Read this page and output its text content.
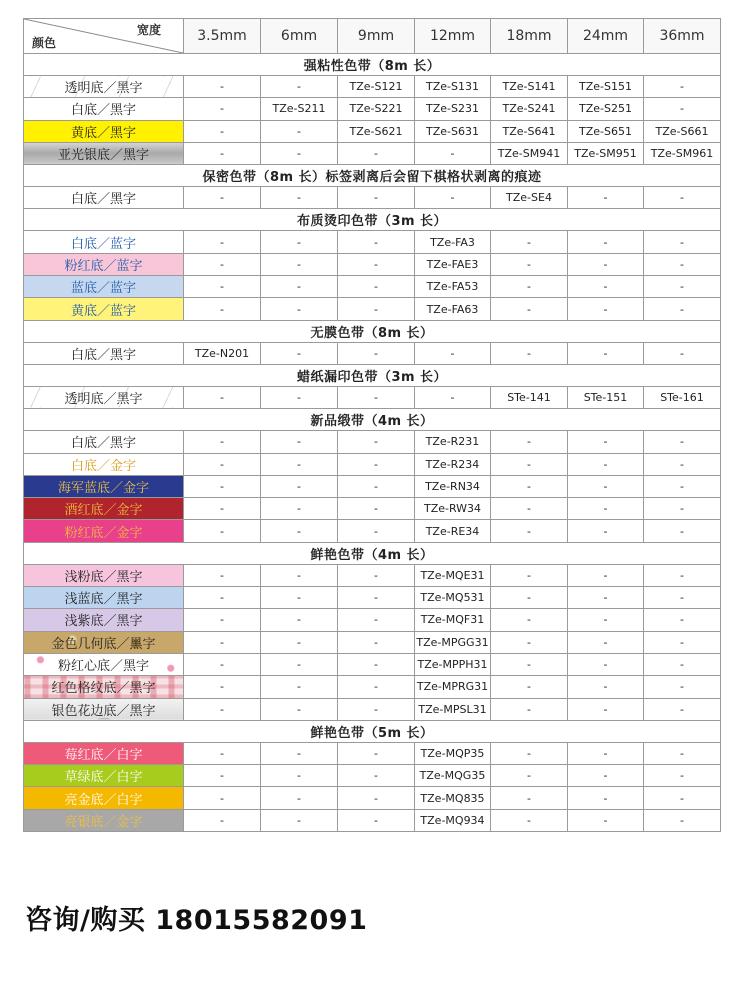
宽度
颜色	3.5mm	6mm	9mm	12mm	18mm	24mm	36mm
强粘性色带（8m 长）							
透明底／黑字	-	-	TZe-S121	TZe-S131	TZe-S141	TZe-S151	-
白底／黑字	-	TZe-S211	TZe-S221	TZe-S231	TZe-S241	TZe-S251	-
黄底／黑字	-	-	TZe-S621	TZe-S631	TZe-S641	TZe-S651	TZe-S661
亚光银底／黑字	-	-	-	-	TZe-SM941	TZe-SM951	TZe-SM961
保密色带（8m 长）标签剥离后会留下棋格状剥离的痕迹							
白底／黑字	-	-	-	-	TZe-SE4	-	-
布质烫印色带（3m 长）							
白底／蓝字	-	-	-	TZe-FA3	-	-	-
粉红底／蓝字	-	-	-	TZe-FAE3	-	-	-
蓝底／蓝字	-	-	-	TZe-FA53	-	-	-
黄底／蓝字	-	-	-	TZe-FA63	-	-	-
无膜色带（8m 长）							
白底／黑字	TZe-N201	-	-	-	-	-	-
蜡纸漏印色带（3m 长）							
透明底／黑字	-	-	-	-	STe-141	STe-151	STe-161
新品缎带（4m 长）							
白底／黑字	-	-	-	TZe-R231	-	-	-
白底／金字	-	-	-	TZe-R234	-	-	-
海军蓝底／金字	-	-	-	TZe-RN34	-	-	-
酒红底／金字	-	-	-	TZe-RW34	-	-	-
粉红底／金字	-	-	-	TZe-RE34	-	-	-
鲜艳色带（4m 长）							
浅粉底／黑字	-	-	-	TZe-MQE31	-	-	-
浅蓝底／黑字	-	-	-	TZe-MQ531	-	-	-
浅紫底／黑字	-	-	-	TZe-MQF31	-	-	-
金色几何底／黑字	-	-	-	TZe-MPGG31	-	-	-
粉红心底／黑字	-	-	-	TZe-MPPH31	-	-	-
红色格纹底／黑字	-	-	-	TZe-MPRG31	-	-	-
银色花边底／黑字	-	-	-	TZe-MPSL31	-	-	-
鲜艳色带（5m 长）							
莓红底／白字	-	-	-	TZe-MQP35	-	-	-
草绿底／白字	-	-	-	TZe-MQG35	-	-	-
亮金底／白字	-	-	-	TZe-MQ835	-	-	-
亮银底／金字	-	-	-	TZe-MQ934	-	-	-
咨询/购买 18015582091
